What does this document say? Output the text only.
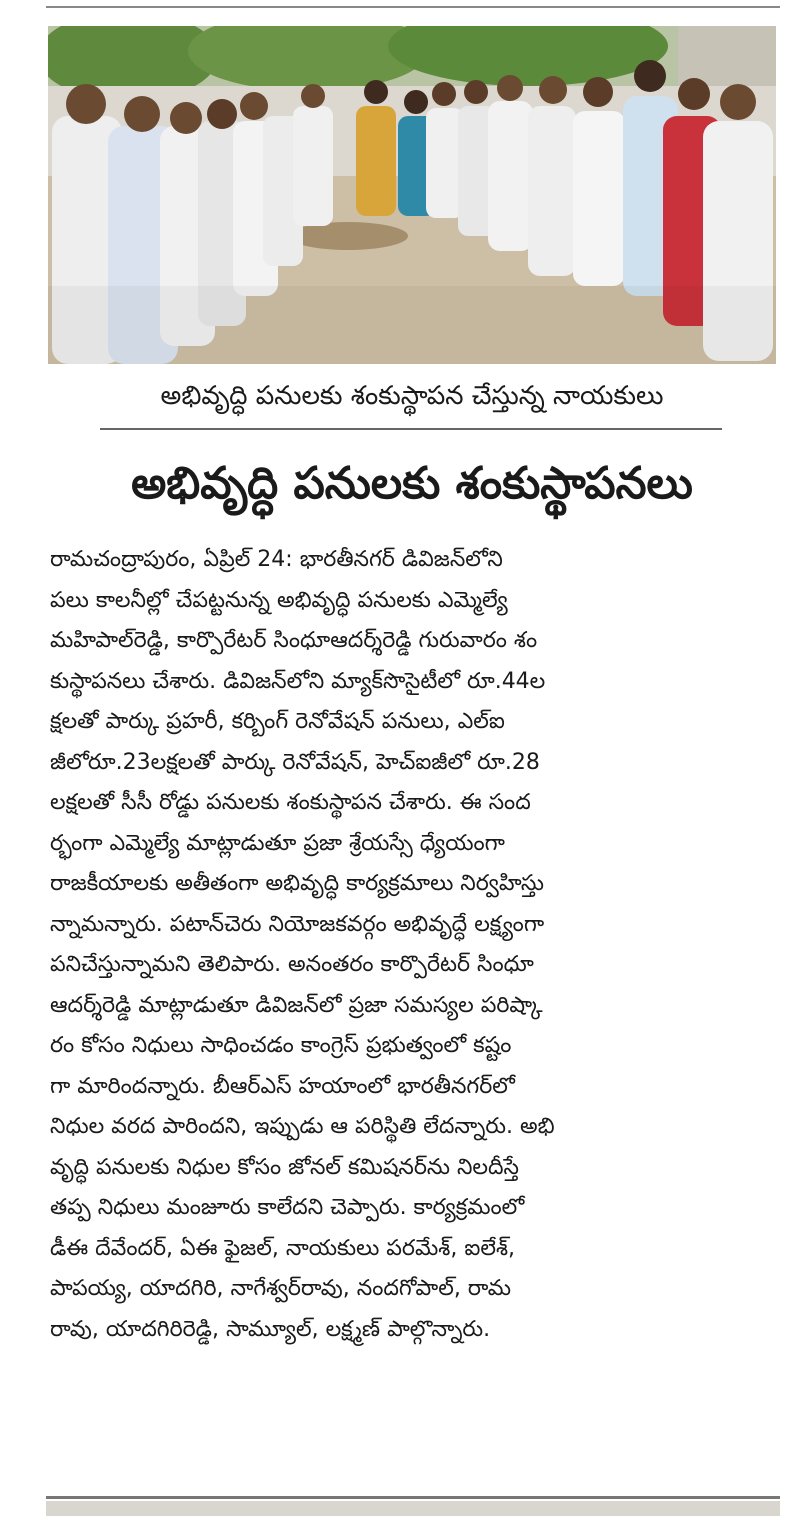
అభివృద్ధి పనులకు శంకుస్థాపన చేస్తున్న నాయకులు
అభివృద్ధి పనులకు శంకుస్థాపనలు
రామచంద్రాపురం, ఏప్రిల్ 24: భారతీనగర్ డివిజన్‌లోని
పలు కాలనీల్లో చేపట్టనున్న అభివృద్ధి పనులకు ఎమ్మెల్యే
మహిపాల్‌రెడ్డి, కార్పొరేటర్ సింధూఆదర్శ్‌రెడ్డి గురువారం శం
కుస్థాపనలు చేశారు. డివిజన్‌లోని మ్యాక్‌సొసైటీలో రూ.44ల
క్షలతో పార్కు ప్రహరీ, కర్బింగ్ రెనోవేషన్ పనులు, ఎల్ఐ
జీలోరూ.23లక్షలతో పార్కు రెనోవేషన్, హెచ్ఐజీలో రూ.28
లక్షలతో సీసీ రోడ్డు పనులకు శంకుస్థాపన చేశారు. ఈ సంద
ర్భంగా ఎమ్మెల్యే మాట్లాడుతూ ప్రజా శ్రేయస్సే ధ్యేయంగా
రాజకీయాలకు అతీతంగా అభివృద్ధి కార్యక్రమాలు నిర్వహిస్తు
న్నామన్నారు. పటాన్‌చెరు నియోజకవర్గం అభివృద్ధే లక్ష్యంగా
పనిచేస్తున్నామని తెలిపారు. అనంతరం కార్పొరేటర్ సింధూ
ఆదర్శ్‌రెడ్డి మాట్లాడుతూ డివిజన్‌లో ప్రజా సమస్యల పరిష్కా
రం కోసం నిధులు సాధించడం కాంగ్రెస్ ప్రభుత్వంలో కష్టం
గా మారిందన్నారు. బీఆర్ఎస్ హయాంలో భారతీనగర్‌లో
నిధుల వరద పారిందని, ఇప్పుడు ఆ పరిస్థితి లేదన్నారు. అభి
వృద్ధి పనులకు నిధుల కోసం జోనల్ కమిషనర్‌ను నిలదీస్తే
తప్ప నిధులు మంజూరు కాలేదని చెప్పారు. కార్యక్రమంలో
డీఈ దేవేందర్, ఏఈ ఫైజల్, నాయకులు పరమేశ్, ఐలేశ్,
పాపయ్య, యాదగిరి, నాగేశ్వర్‌రావు, నందగోపాల్, రామ
రావు, యాదగిరిరెడ్డి, సామ్యూల్, లక్ష్మణ్ పాల్గొన్నారు.
